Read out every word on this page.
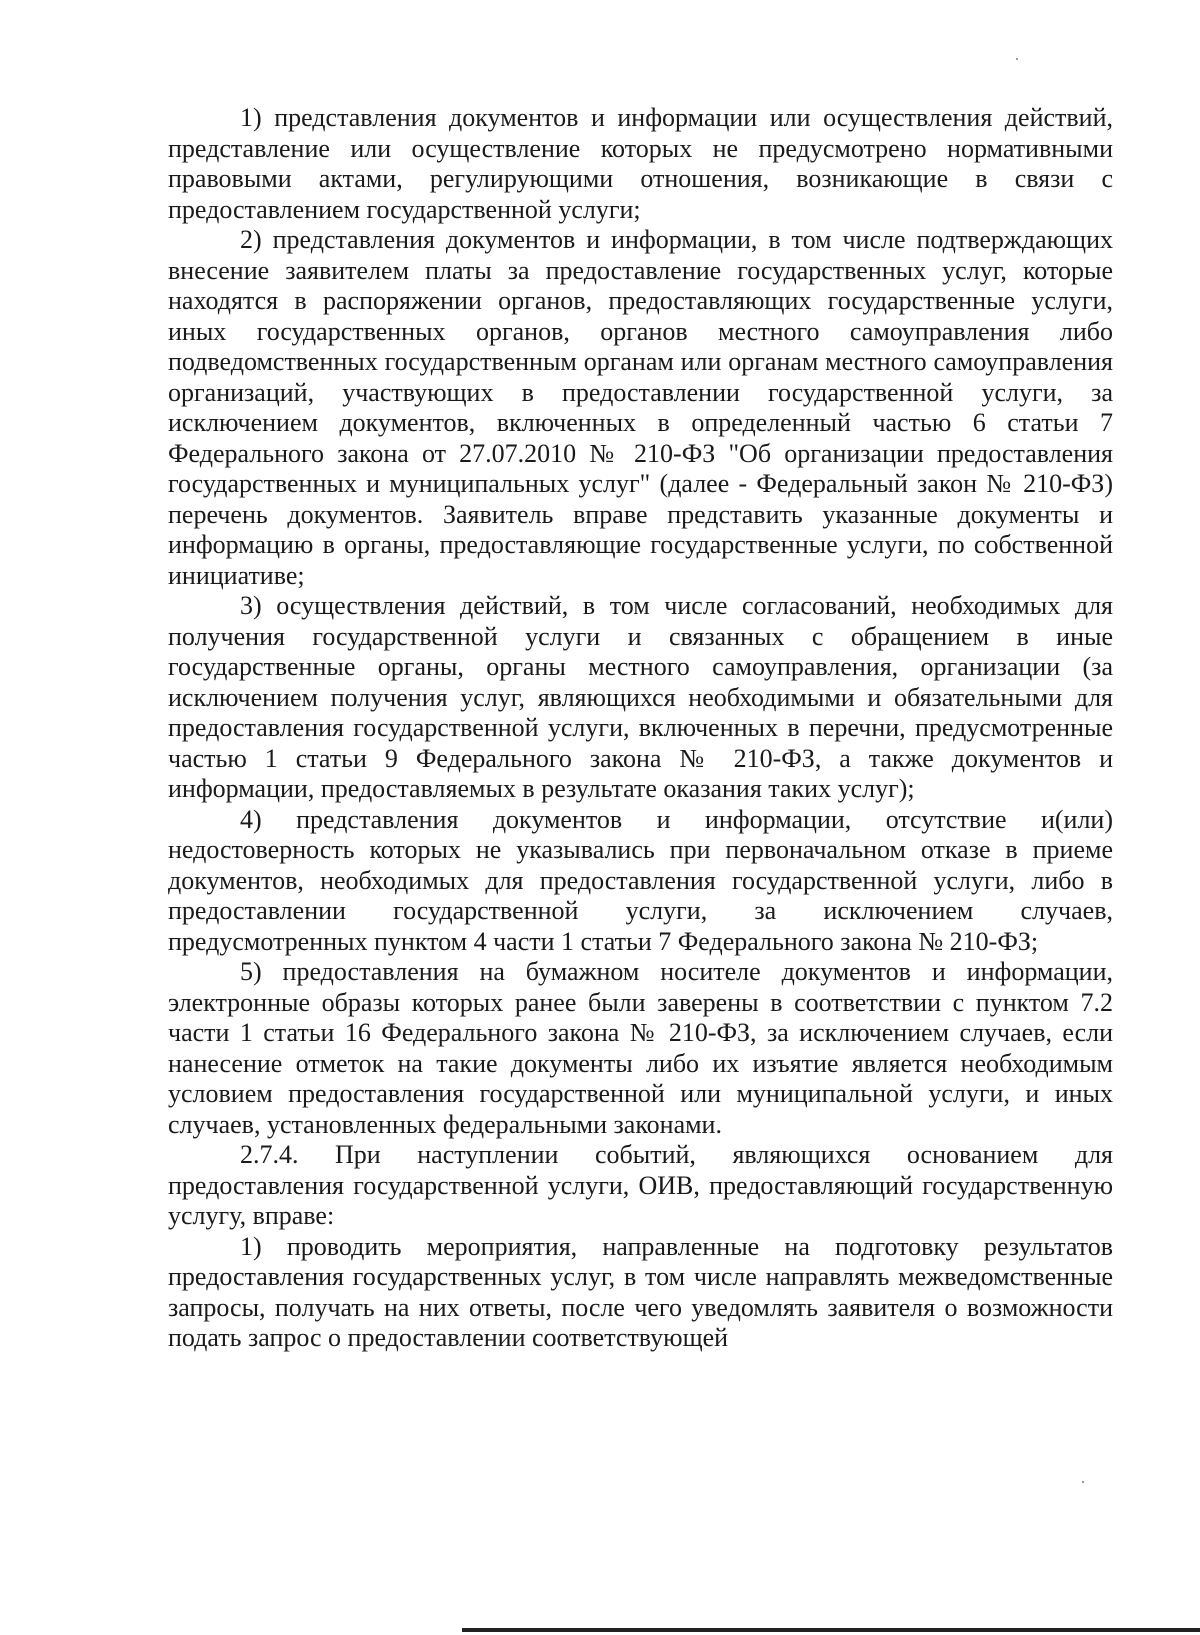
1) представления документов и информации или осуществления действий, представление или осуществление которых не предусмотрено нормативными правовыми актами, регулирующими отношения, возникающие в связи с предоставлением государственной услуги;

2) представления документов и информации, в том числе подтверждающих внесение заявителем платы за предоставление государственных услуг, которые находятся в распоряжении органов, предоставляющих государственные услуги, иных государственных органов, органов местного самоуправления либо подведомственных государственным органам или органам местного самоуправления организаций, участвующих в предоставлении государственной услуги, за исключением документов, включенных в определенный частью 6 статьи 7 Федерального закона от 27.07.2010 № 210-ФЗ "Об организации предоставления государственных и муниципальных услуг" (далее - Федеральный закон № 210-ФЗ) перечень документов. Заявитель вправе представить указанные документы и информацию в органы, предоставляющие государственные услуги, по собственной инициативе;

3) осуществления действий, в том числе согласований, необходимых для получения государственной услуги и связанных с обращением в иные государственные органы, органы местного самоуправления, организации (за исключением получения услуг, являющихся необходимыми и обязательными для предоставления государственной услуги, включенных в перечни, предусмотренные частью 1 статьи 9 Федерального закона № 210-ФЗ, а также документов и информации, предоставляемых в результате оказания таких услуг);

4) представления документов и информации, отсутствие и(или) недостоверность которых не указывались при первоначальном отказе в приеме документов, необходимых для предоставления государственной услуги, либо в предоставлении государственной услуги, за исключением случаев, предусмотренных пунктом 4 части 1 статьи 7 Федерального закона № 210-ФЗ;

5) предоставления на бумажном носителе документов и информации, электронные образы которых ранее были заверены в соответствии с пунктом 7.2 части 1 статьи 16 Федерального закона № 210-ФЗ, за исключением случаев, если нанесение отметок на такие документы либо их изъятие является необходимым условием предоставления государственной или муниципальной услуги, и иных случаев, установленных федеральными законами.

2.7.4. При наступлении событий, являющихся основанием для предоставления государственной услуги, ОИВ, предоставляющий государственную услугу, вправе:

1) проводить мероприятия, направленные на подготовку результатов предоставления государственных услуг, в том числе направлять межведомственные запросы, получать на них ответы, после чего уведомлять заявителя о возможности подать запрос о предоставлении соответствующей
